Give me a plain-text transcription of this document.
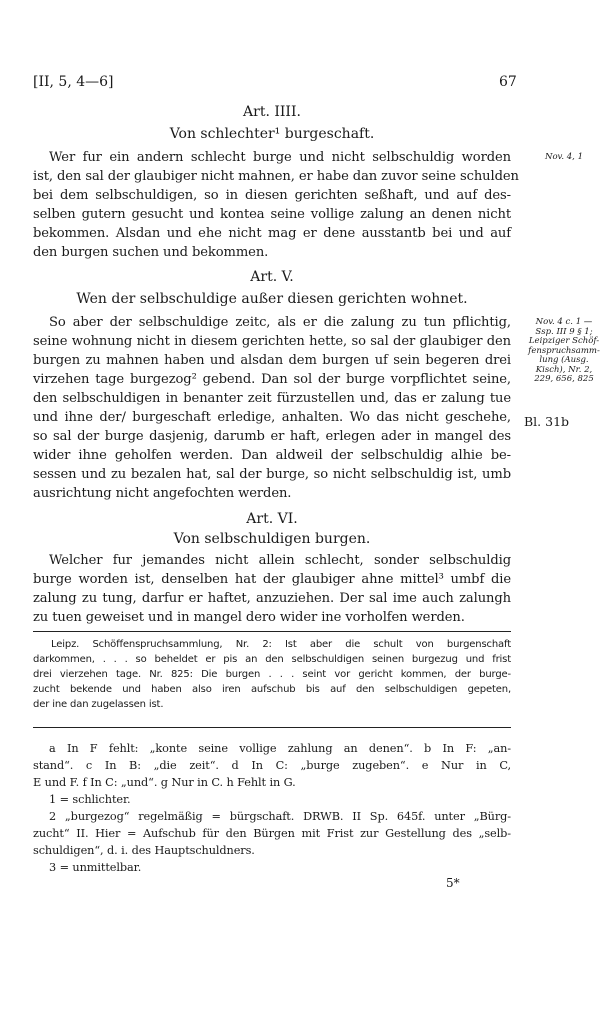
[II, 5, 4—6]	67
Art. IIII.
Von schlechter¹ burgeschaft.
Wer fur ein andern schlecht burge und nicht selbschuldig worden
ist, den sal der glaubiger nicht mahnen, er habe dan zuvor seine schulden
bei dem selbschuldigen, so in diesen gerichten seßhaft, und auf des-
selben gutern gesucht und kontea seine vollige zalung an denen nicht
bekommen. Alsdan und ehe nicht mag er dene ausstantb bei und auf
den burgen suchen und bekommen.
Nov. 4, 1
Art. V.
Wen der selbschuldige außer diesen gerichten wohnet.
So aber der selbschuldige zeitc, als er die zalung zu tun pflichtig,
seine wohnung nicht in diesem gerichten hette, so sal der glaubiger den
burgen zu mahnen haben und alsdan dem burgen uf sein begeren drei
virzehen tage burgezog² gebend. Dan sol der burge vorpflichtet seine,
den selbschuldigen in benanter zeit fürzustellen und, das er zalung tue
und ihne der/ burgeschaft erledige, anhalten. Wo das nicht geschehe,
so sal der burge dasjenig, darumb er haft, erlegen ader in mangel des
wider ihne geholfen werden. Dan aldweil der selbschuldig alhie be-
sessen und zu bezalen hat, sal der burge, so nicht selbschuldig ist, umb
ausrichtung nicht angefochten werden.
Nov. 4 c. 1 —
Ssp. III 9 § 1;
Leipziger Schöf-
fenspruchsamm-
lung (Ausg.
Kisch), Nr. 2,
229, 656, 825
Bl. 31b
Art. VI.
Von selbschuldigen burgen.
Welcher fur jemandes nicht allein schlecht, sonder selbschuldig
burge worden ist, denselben hat der glaubiger ahne mittel³ umbf die
zalung zu tung, darfur er haftet, anzuziehen. Der sal ime auch zalungh
zu tuen geweiset und in mangel dero wider ine vorholfen werden.
Leipz. Schöffenspruchsammlung, Nr. 2: Ist aber die schult von burgenschaft
darkommen, . . . so beheldet er pis an den selbschuldigen seinen burgezug und frist
drei vierzehen tage. Nr. 825: Die burgen . . . seint vor gericht kommen, der burge-
zucht bekende und haben also iren aufschub bis auf den selbschuldigen gepeten,
der ine dan zugelassen ist.
a In F fehlt: „konte seine vollige zahlung an denen“. b In F: „an-
stand“. c In B: „die zeit“. d In C: „burge zugeben“. e Nur in C,
E und F. f In C: „und“. g Nur in C. h Fehlt in G.
1 = schlichter.
2 „burgezog“ regelmäßig = bürgschaft. DRWB. II Sp. 645f. unter „Bürg-
zucht“ II. Hier = Aufschub für den Bürgen mit Frist zur Gestellung des „selb-
schuldigen“, d. i. des Hauptschuldners.
3 = unmittelbar.
5*
